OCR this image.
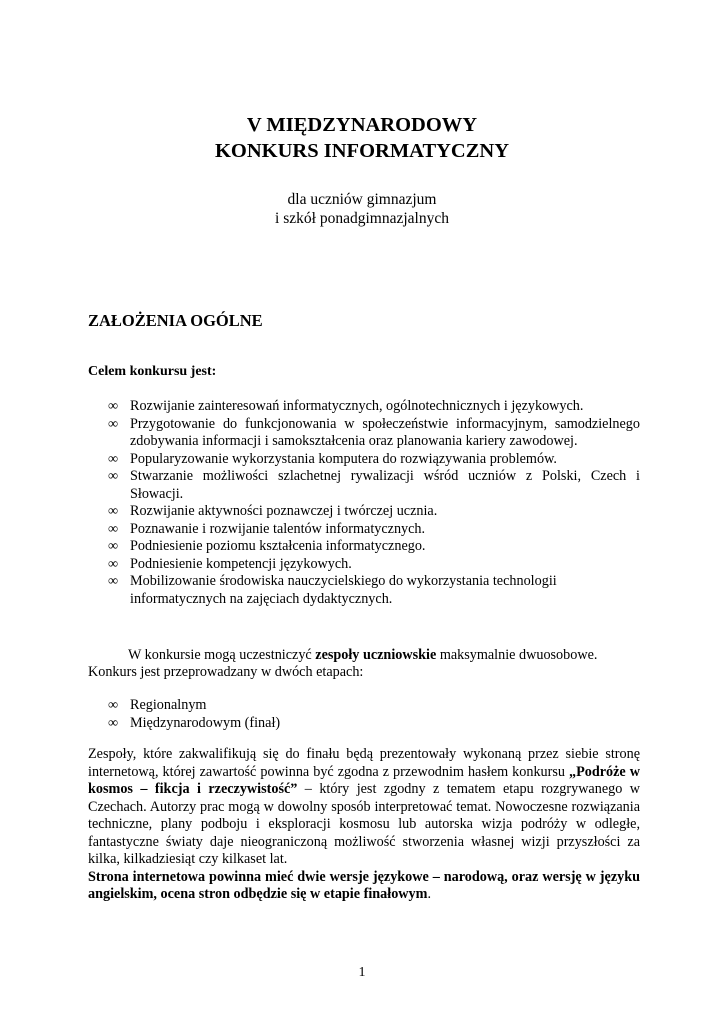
V MIĘDZYNARODOWY
KONKURS INFORMATYCZNY
dla uczniów gimnazjum
i szkół ponadgimnazjalnych
ZAŁOŻENIA OGÓLNE
Celem konkursu jest:
∞ Rozwijanie zainteresowań informatycznych, ogólnotechnicznych i językowych.
∞ Przygotowanie do funkcjonowania w społeczeństwie informacyjnym, samodzielnego zdobywania informacji i samokształcenia oraz planowania kariery zawodowej.
∞ Popularyzowanie wykorzystania komputera do rozwiązywania problemów.
∞ Stwarzanie możliwości szlachetnej rywalizacji wśród uczniów z Polski, Czech i Słowacji.
∞ Rozwijanie aktywności poznawczej i twórczej ucznia.
∞ Poznawanie i rozwijanie talentów informatycznych.
∞ Podniesienie poziomu kształcenia informatycznego.
∞ Podniesienie kompetencji językowych.
∞ Mobilizowanie środowiska nauczycielskiego do wykorzystania technologii informatycznych na zajęciach dydaktycznych.
W konkursie mogą uczestniczyć zespoły uczniowskie maksymalnie dwuosobowe.
Konkurs jest przeprowadzany w dwóch etapach:
∞ Regionalnym
∞ Międzynarodowym (finał)
Zespoły, które zakwalifikują się do finału będą prezentowały wykonaną przez siebie stronę internetową, której zawartość powinna być zgodna z przewodnim hasłem konkursu „Podróże w kosmos – fikcja i rzeczywistość” – który jest zgodny z tematem etapu rozgrywanego w Czechach. Autorzy prac mogą w dowolny sposób interpretować temat. Nowoczesne rozwiązania techniczne, plany podboju i eksploracji kosmosu lub autorska wizja podróży w odległe, fantastyczne światy daje nieograniczoną możliwość stworzenia własnej wizji przyszłości za kilka, kilkadziesiąt czy kilkaset lat.
Strona internetowa powinna mieć dwie wersje językowe – narodową, oraz wersję w języku angielskim, ocena stron odbędzie się w etapie finałowym.
1
